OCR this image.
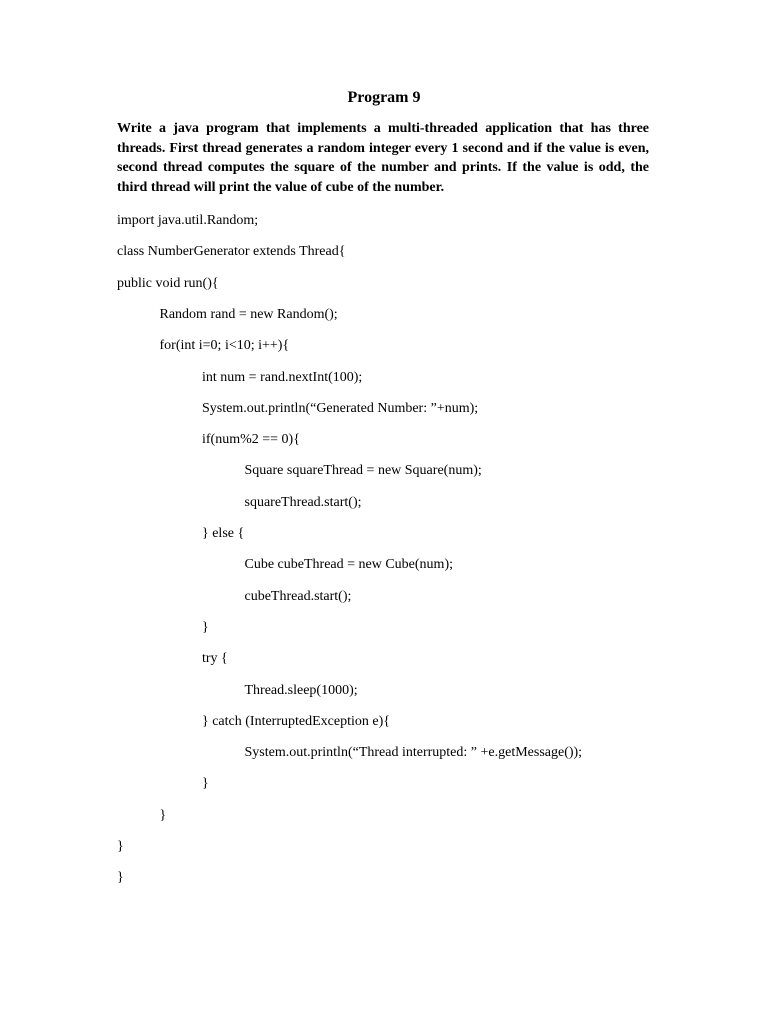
Program 9

Write a java program that implements a multi-threaded application that has three threads. First thread generates a random integer every 1 second and if the value is even, second thread computes the square of the number and prints. If the value is odd, the third thread will print the value of cube of the number.

import java.util.Random;
class NumberGenerator extends Thread{
public void run(){
Random rand = new Random();
for(int i=0; i<10; i++){
int num = rand.nextInt(100);
System.out.println(“Generated Number: ”+num);
if(num%2 == 0){
Square squareThread = new Square(num);
squareThread.start();
} else {
Cube cubeThread = new Cube(num);
cubeThread.start();
}
try {
Thread.sleep(1000);
} catch (InterruptedException e){
System.out.println(“Thread interrupted: ” +e.getMessage());
}
}
}
}
